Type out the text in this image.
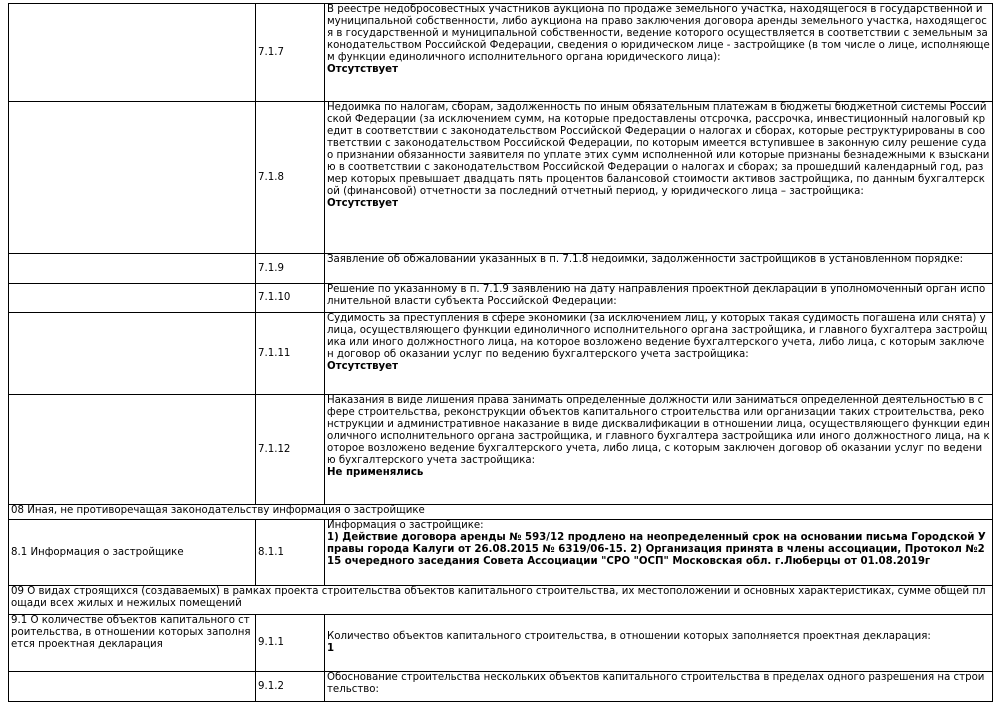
	7.1.7	В реестре недобросовестных участников аукциона по продаже земельного участка, находящегося в государственной и муниципальной собственности, либо аукциона на право заключения договора аренды земельного участка, находящегося в государственной и муниципальной собственности, ведение которого осуществляется в соответствии с земельным законодательством Российской Федерации, сведения о юридическом лице - застройщике (в том числе о лице, исполняющем функции единоличного исполнительного органа юридического лица):
Отсутствует

	7.1.8	Недоимка по налогам, сборам, задолженность по иным обязательным платежам в бюджеты бюджетной системы Российской Федерации (за исключением сумм, на которые предоставлены отсрочка, рассрочка, инвестиционный налоговый кредит в соответствии с законодательством Российской Федерации о налогах и сборах, которые реструктурированы в соответствии с законодательством Российской Федерации, по которым имеется вступившее в законную силу решение суда о признании обязанности заявителя по уплате этих сумм исполненной или которые признаны безнадежными к взысканию в соответствии с законодательством Российской Федерации о налогах и сборах; за прошедший календарный год, размер которых превышает двадцать пять процентов балансовой стоимости активов застройщика, по данным бухгалтерской (финансовой) отчетности за последний отчетный период, у юридического лица – застройщика:
Отсутствует

	7.1.9	Заявление об обжаловании указанных в п. 7.1.8 недоимки, задолженности застройщиков в установленном порядке:

	7.1.10	Решение по указанному в п. 7.1.9 заявлению на дату направления проектной декларации в уполномоченный орган исполнительной власти субъекта Российской Федерации:

	7.1.11	Судимость за преступления в сфере экономики (за исключением лиц, у которых такая судимость погашена или снята) у лица, осуществляющего функции единоличного исполнительного органа застройщика, и главного бухгалтера застройщика или иного должностного лица, на которое возложено ведение бухгалтерского учета, либо лица, с которым заключен договор об оказании услуг по ведению бухгалтерского учета застройщика:
Отсутствует

	7.1.12	Наказания в виде лишения права занимать определенные должности или заниматься определенной деятельностью в сфере строительства, реконструкции объектов капитального строительства или организации таких строительства, реконструкции и административное наказание в виде дисквалификации в отношении лица, осуществляющего функции единоличного исполнительного органа застройщика, и главного бухгалтера застройщика или иного должностного лица, на которое возложено ведение бухгалтерского учета, либо лица, с которым заключен договор об оказании услуг по ведению бухгалтерского учета застройщика:
Не применялись

08 Иная, не противоречащая законодательству информация о застройщике		
8.1 Информация о застройщике	8.1.1	Информация о застройщике:
1) Действие договора аренды № 593/12 продлено на неопределенный срок на основании письма Городской Управы города Калуги от 26.08.2015 № 6319/06-15. 2) Организация принята в члены ассоциации, Протокол №215 очередного заседания Совета Ассоциации "СРО "ОСП" Московская обл. г.Люберцы от 01.08.2019г

09 О видах строящихся (создаваемых) в рамках проекта строительства объектов капитального строительства, их местоположении и основных характеристиках, сумме общей площади всех жилых и нежилых помещений		
9.1 О количестве объектов капитального строительства, в отношении которых заполняется проектная декларация	9.1.1	Количество объектов капитального строительства, в отношении которых заполняется проектная декларация:
1

	9.1.2	Обоснование строительства нескольких объектов капитального строительства в пределах одного разрешения на строительство:
